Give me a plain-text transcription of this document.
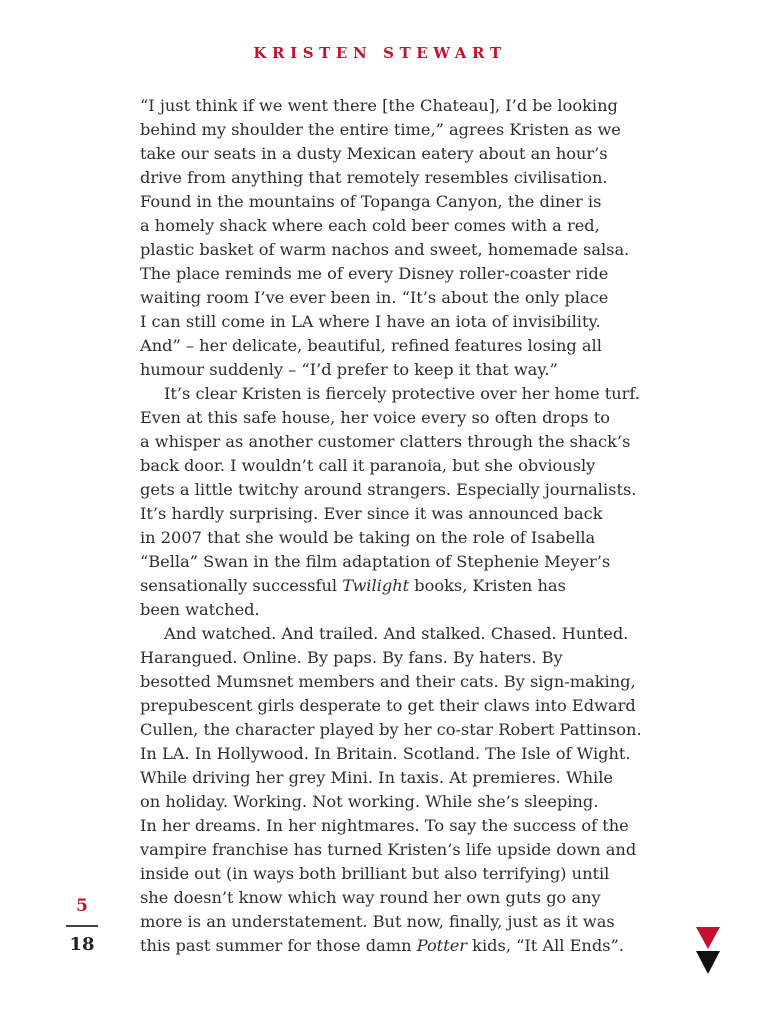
KRISTEN STEWART

“I just think if we went there [the Chateau], I’d be looking
behind my shoulder the entire time,” agrees Kristen as we
take our seats in a dusty Mexican eatery about an hour’s
drive from anything that remotely resembles civilisation.
Found in the mountains of Topanga Canyon, the diner is
a homely shack where each cold beer comes with a red,
plastic basket of warm nachos and sweet, homemade salsa.
The place reminds me of every Disney roller-coaster ride
waiting room I’ve ever been in. “It’s about the only place
I can still come in LA where I have an iota of invisibility.
And” – her delicate, beautiful, refined features losing all
humour suddenly – “I’d prefer to keep it that way.”

It’s clear Kristen is fiercely protective over her home turf.
Even at this safe house, her voice every so often drops to
a whisper as another customer clatters through the shack’s
back door. I wouldn’t call it paranoia, but she obviously
gets a little twitchy around strangers. Especially journalists.
It’s hardly surprising. Ever since it was announced back
in 2007 that she would be taking on the role of Isabella
“Bella” Swan in the film adaptation of Stephenie Meyer’s
sensationally successful Twilight books, Kristen has
been watched.

And watched. And trailed. And stalked. Chased. Hunted.
Harangued. Online. By paps. By fans. By haters. By
besotted Mumsnet members and their cats. By sign-making,
prepubescent girls desperate to get their claws into Edward
Cullen, the character played by her co-star Robert Pattinson.
In LA. In Hollywood. In Britain. Scotland. The Isle of Wight.
While driving her grey Mini. In taxis. At premieres. While
on holiday. Working. Not working. While she’s sleeping.
In her dreams. In her nightmares. To say the success of the
vampire franchise has turned Kristen’s life upside down and
inside out (in ways both brilliant but also terrifying) until
she doesn’t know which way round her own guts go any
more is an understatement. But now, finally, just as it was
this past summer for those damn Potter kids, “It All Ends”.

5
18
